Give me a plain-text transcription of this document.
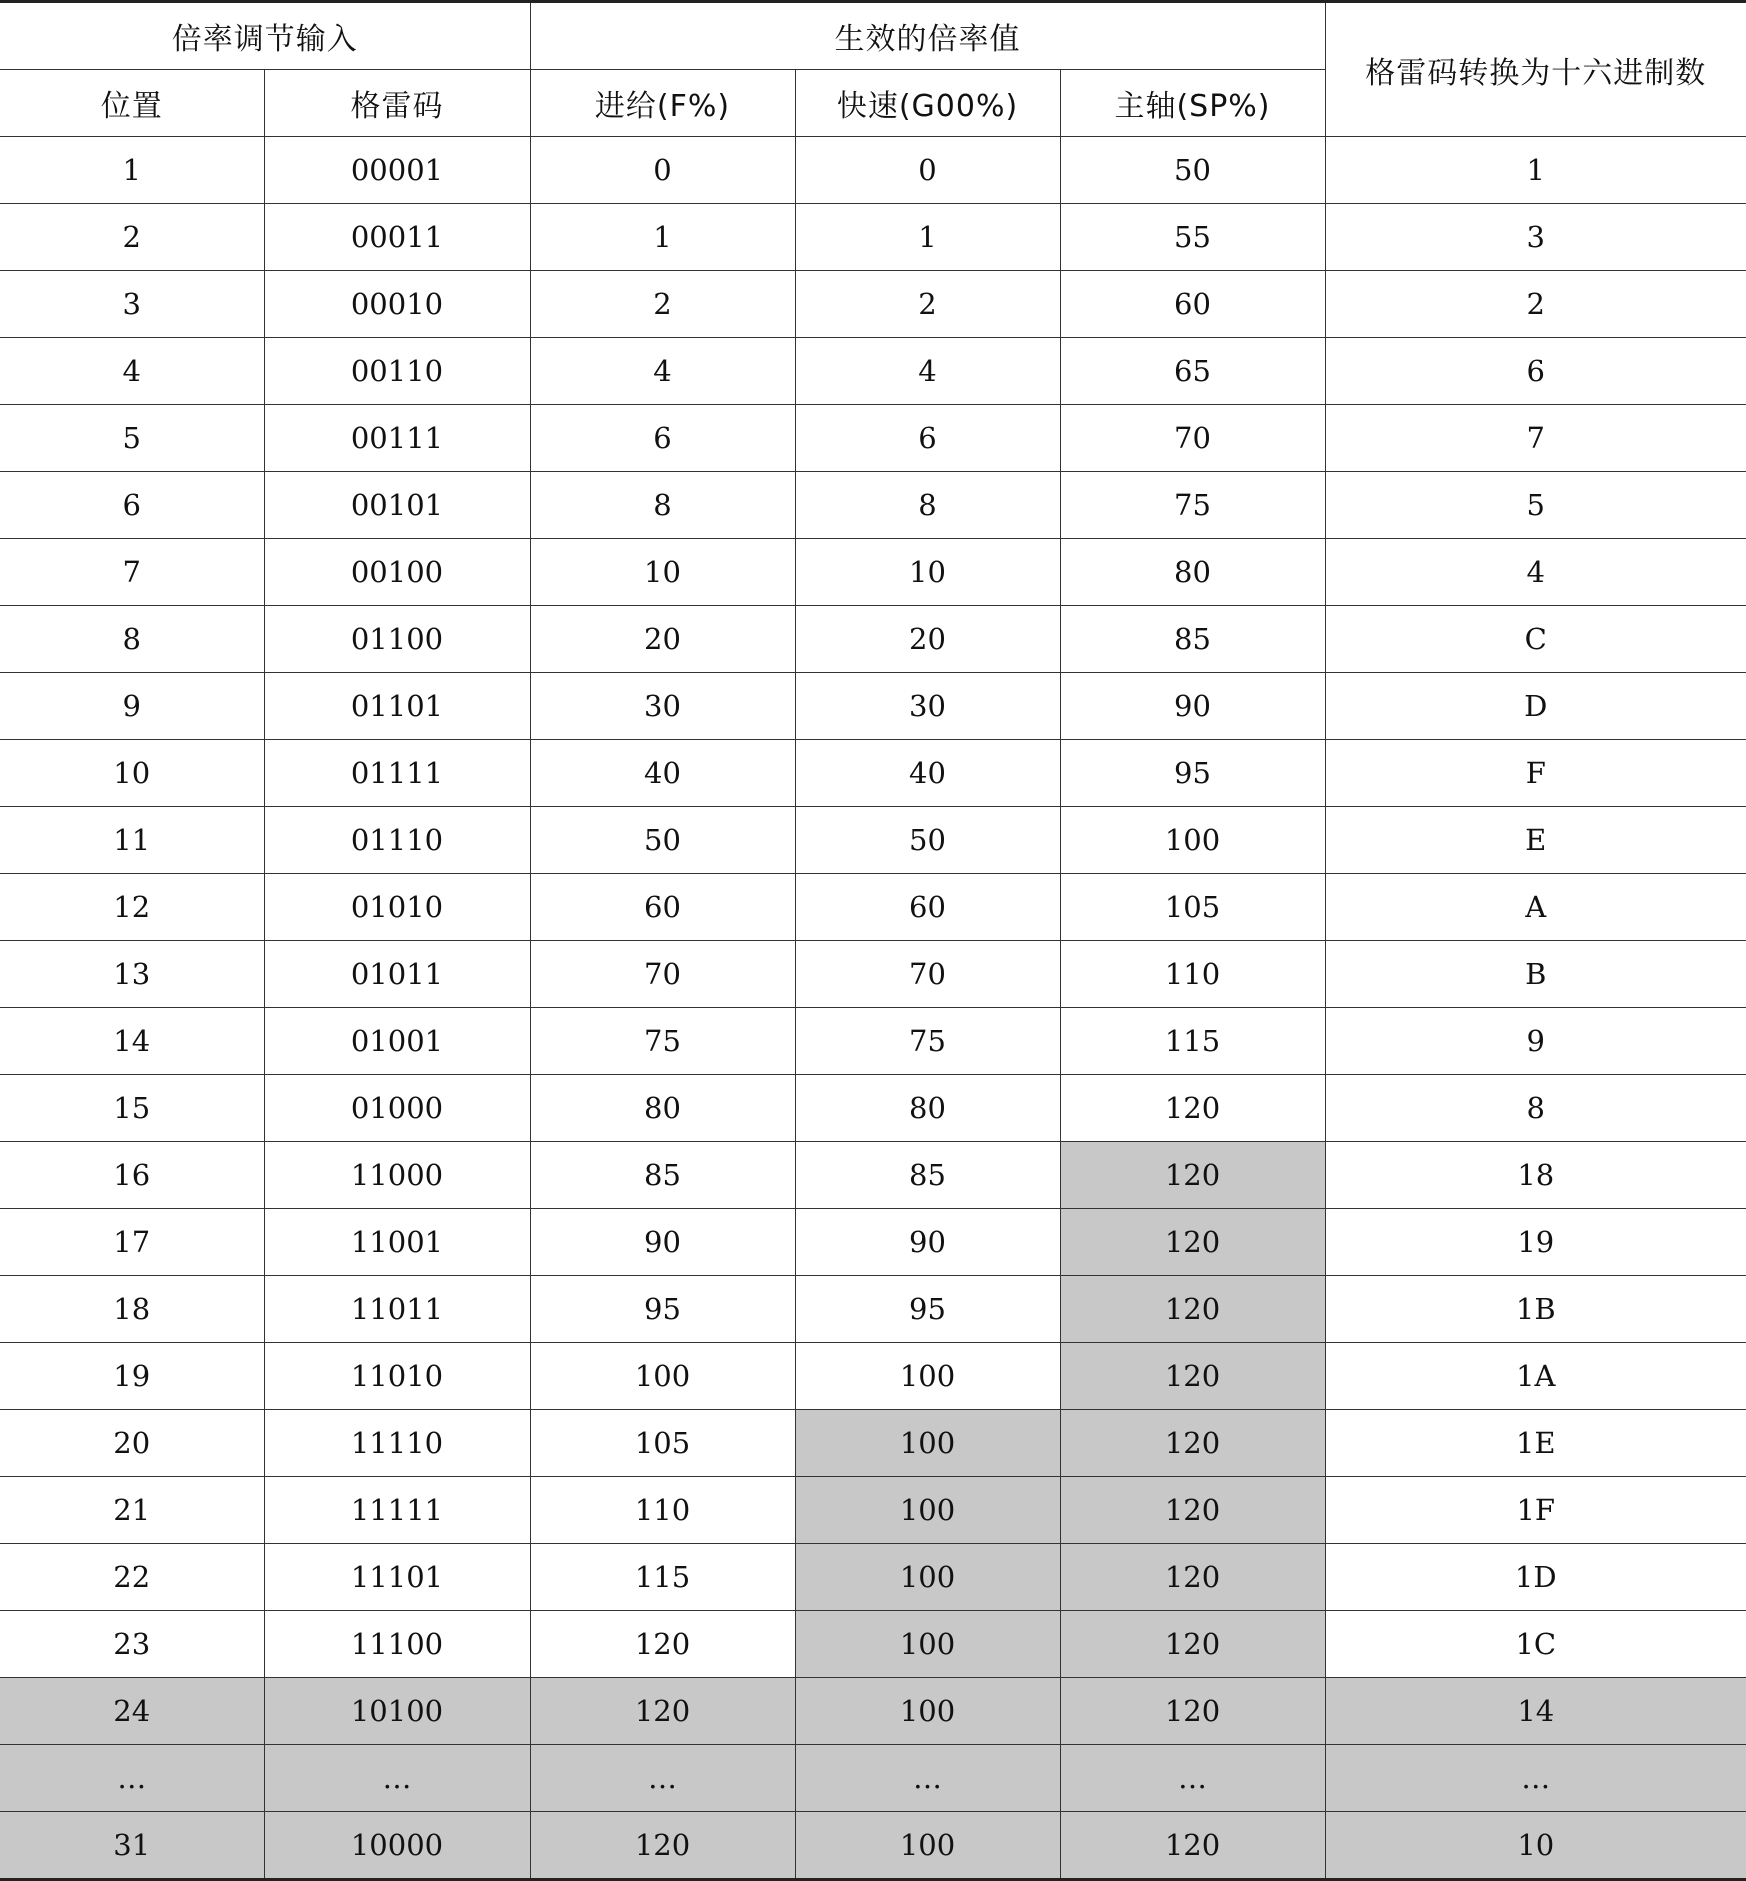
倍率调节输入		生效的倍率值			格雷码转换为十六进制数
位置	格雷码	进给(F%)	快速(G00%)	主轴(SP%)	
1	00001	0	0	50	1
2	00011	1	1	55	3
3	00010	2	2	60	2
4	00110	4	4	65	6
5	00111	6	6	70	7
6	00101	8	8	75	5
7	00100	10	10	80	4
8	01100	20	20	85	C
9	01101	30	30	90	D
10	01111	40	40	95	F
11	01110	50	50	100	E
12	01010	60	60	105	A
13	01011	70	70	110	B
14	01001	75	75	115	9
15	01000	80	80	120	8
16	11000	85	85	120	18
17	11001	90	90	120	19
18	11011	95	95	120	1B
19	11010	100	100	120	1A
20	11110	105	100	120	1E
21	11111	110	100	120	1F
22	11101	115	100	120	1D
23	11100	120	100	120	1C
24	10100	120	100	120	14
…	…	…	…	…	…
31	10000	120	100	120	10
